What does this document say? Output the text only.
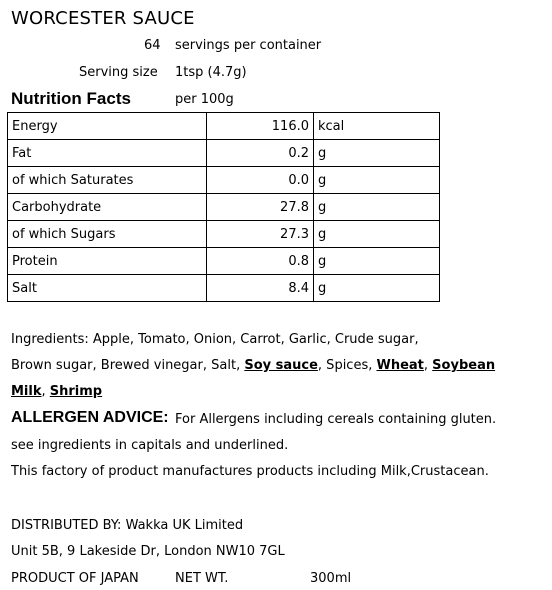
WORCESTER SAUCE
64 servings per container
Serving size 1tsp (4.7g)
Nutrition Facts	per 100g
Energy	116.0	kcal
Fat	0.2	g
of which Saturates	0.0	g
Carbohydrate	27.8	g
of which Sugars	27.3	g
Protein	0.8	g
Salt	8.4	g
Ingredients: Apple, Tomato, Onion, Carrot, Garlic, Crude sugar,
Brown sugar, Brewed vinegar, Salt, Soy sauce, Spices, Wheat, Soybean
Milk, Shrimp
ALLERGEN ADVICE: For Allergens including cereals containing gluten.
see ingredients in capitals and underlined.
This factory of product manufactures products including Milk,Crustacean.
DISTRIBUTED BY: Wakka UK Limited
Unit 5B, 9 Lakeside Dr, London NW10 7GL
PRODUCT OF JAPAN	NET WT.	300ml
